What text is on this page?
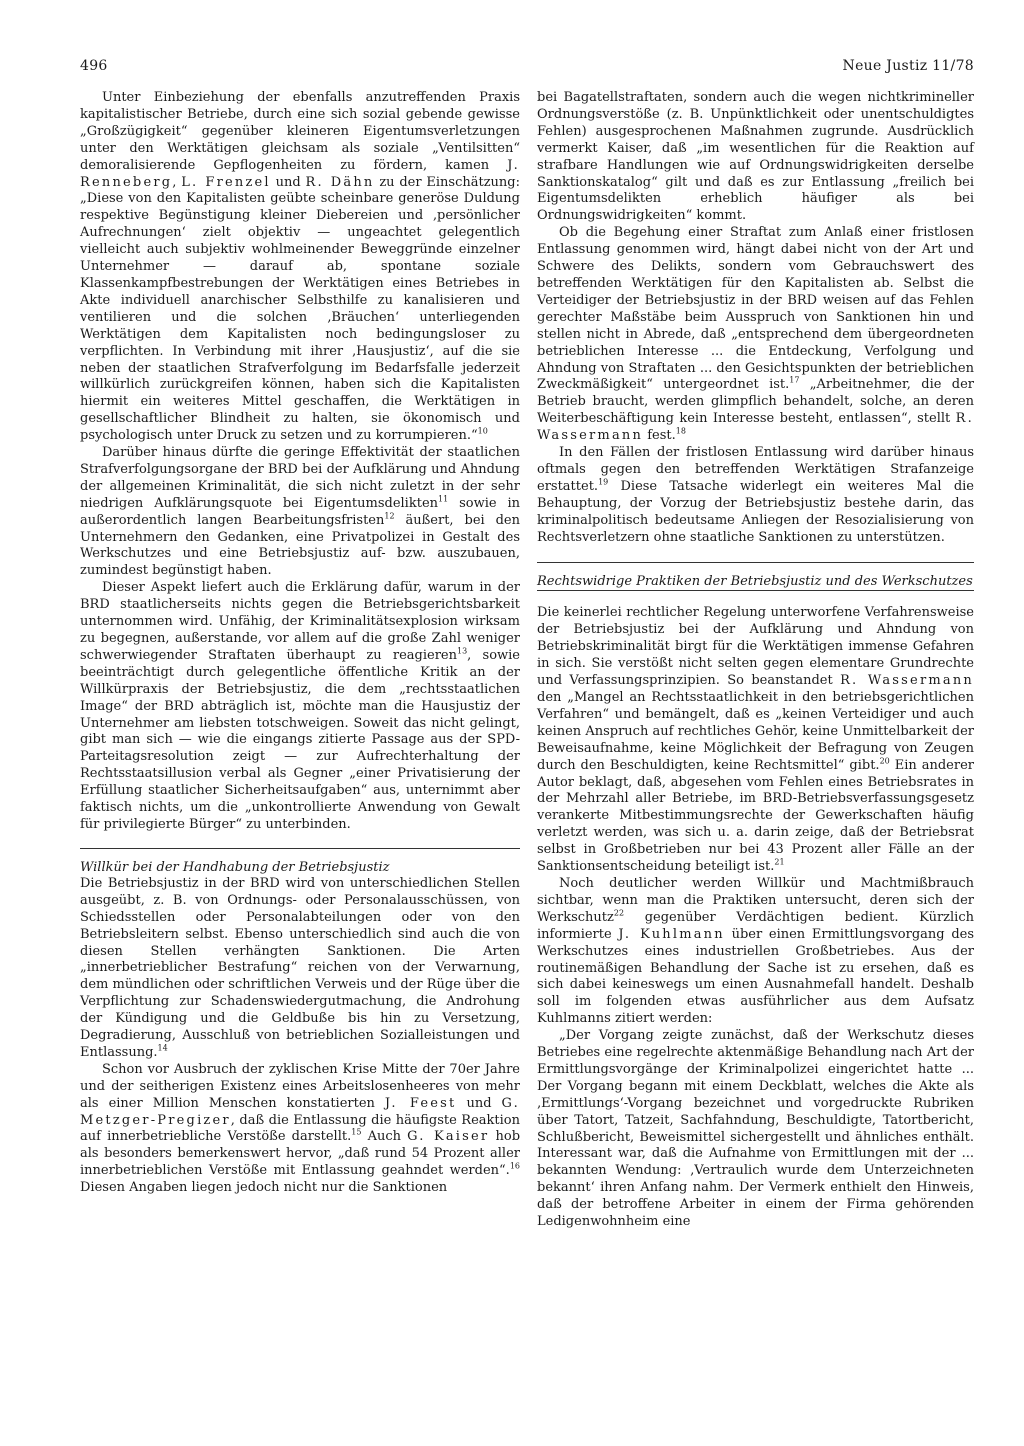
496	Neue Justiz 11/78

Unter Einbeziehung der ebenfalls anzutreffenden Praxis kapitalistischer Betriebe, durch eine sich sozial gebende gewisse „Großzügigkeit“ gegenüber kleineren Eigentumsverletzungen unter den Werktätigen gleichsam als soziale „Ventilsitten“ demoralisierende Gepflogenheiten zu fördern, kamen J. Renneberg, L. Frenzel und R. Dähn zu der Einschätzung: „Diese von den Kapitalisten geübte scheinbare generöse Duldung respektive Begünstigung kleiner Diebereien und ‚persönlicher Aufrechnungen‘ zielt objektiv — ungeachtet gelegentlich vielleicht auch subjektiv wohlmeinender Beweggründe einzelner Unternehmer — darauf ab, spontane soziale Klassenkampfbestrebungen der Werktätigen eines Betriebes in Akte individuell anarchischer Selbsthilfe zu kanalisieren und ventilieren und die solchen ‚Bräuchen‘ unterliegenden Werktätigen dem Kapitalisten noch bedingungsloser zu verpflichten. In Verbindung mit ihrer ‚Hausjustiz‘, auf die sie neben der staatlichen Strafverfolgung im Bedarfsfalle jederzeit willkürlich zurückgreifen können, haben sich die Kapitalisten hiermit ein weiteres Mittel geschaffen, die Werktätigen in gesellschaftlicher Blindheit zu halten, sie ökonomisch und psychologisch unter Druck zu setzen und zu korrumpieren.“$^{10}$

Darüber hinaus dürfte die geringe Effektivität der staatlichen Strafverfolgungsorgane der BRD bei der Aufklärung und Ahndung der allgemeinen Kriminalität, die sich nicht zuletzt in der sehr niedrigen Aufklärungsquote bei Eigentumsdelikten$^{11}$ sowie in außerordentlich langen Bearbeitungsfristen$^{12}$ äußert, bei den Unternehmern den Gedanken, eine Privatpolizei in Gestalt des Werkschutzes und eine Betriebsjustiz auf- bzw. auszubauen, zumindest begünstigt haben.

Dieser Aspekt liefert auch die Erklärung dafür, warum in der BRD staatlicherseits nichts gegen die Betriebsgerichtsbarkeit unternommen wird. Unfähig, der Kriminalitätsexplosion wirksam zu begegnen, außerstande, vor allem auf die große Zahl weniger schwerwiegender Straftaten überhaupt zu reagieren$^{13}$, sowie beeinträchtigt durch gelegentliche öffentliche Kritik an der Willkürpraxis der Betriebsjustiz, die dem „rechtsstaatlichen Image“ der BRD abträglich ist, möchte man die Hausjustiz der Unternehmer am liebsten totschweigen. Soweit das nicht gelingt, gibt man sich — wie die eingangs zitierte Passage aus der SPD-Parteitagsresolution zeigt — zur Aufrechterhaltung der Rechtsstaatsillusion verbal als Gegner „einer Privatisierung der Erfüllung staatlicher Sicherheitsaufgaben“ aus, unternimmt aber faktisch nichts, um die „unkontrollierte Anwendung von Gewalt für privilegierte Bürger“ zu unterbinden.

Willkür bei der Handhabung der Betriebsjustiz

Die Betriebsjustiz in der BRD wird von unterschiedlichen Stellen ausgeübt, z. B. von Ordnungs- oder Personalausschüssen, von Schiedsstellen oder Personalabteilungen oder von den Betriebsleitern selbst. Ebenso unterschiedlich sind auch die von diesen Stellen verhängten Sanktionen. Die Arten „innerbetrieblicher Bestrafung“ reichen von der Verwarnung, dem mündlichen oder schriftlichen Verweis und der Rüge über die Verpflichtung zur Schadenswiedergutmachung, die Androhung der Kündigung und die Geldbuße bis hin zu Versetzung, Degradierung, Ausschluß von betrieblichen Sozialleistungen und Entlassung.$^{14}$

Schon vor Ausbruch der zyklischen Krise Mitte der 70er Jahre und der seitherigen Existenz eines Arbeitslosenheeres von mehr als einer Million Menschen konstatierten J. Feest und G. Metzger-Pregizer, daß die Entlassung die häufigste Reaktion auf innerbetriebliche Verstöße darstellt.$^{15}$ Auch G. Kaiser hob als besonders bemerkenswert hervor, „daß rund 54 Prozent aller innerbetrieblichen Verstöße mit Entlassung geahndet werden“.$^{16}$ Diesen Angaben liegen jedoch nicht nur die Sanktionen

bei Bagatellstraftaten, sondern auch die wegen nichtkrimineller Ordnungsverstöße (z. B. Unpünktlichkeit oder unentschuldigtes Fehlen) ausgesprochenen Maßnahmen zugrunde. Ausdrücklich vermerkt Kaiser, daß „im wesentlichen für die Reaktion auf strafbare Handlungen wie auf Ordnungswidrigkeiten derselbe Sanktionskatalog“ gilt und daß es zur Entlassung „freilich bei Eigentumsdelikten erheblich häufiger als bei Ordnungswidrigkeiten“ kommt.

Ob die Begehung einer Straftat zum Anlaß einer fristlosen Entlassung genommen wird, hängt dabei nicht von der Art und Schwere des Delikts, sondern vom Gebrauchswert des betreffenden Werktätigen für den Kapitalisten ab. Selbst die Verteidiger der Betriebsjustiz in der BRD weisen auf das Fehlen gerechter Maßstäbe beim Ausspruch von Sanktionen hin und stellen nicht in Abrede, daß „entsprechend dem übergeordneten betrieblichen Interesse ... die Entdeckung, Verfolgung und Ahndung von Straftaten ... den Gesichtspunkten der betrieblichen Zweckmäßigkeit“ untergeordnet ist.$^{17}$ „Arbeitnehmer, die der Betrieb braucht, werden glimpflich behandelt, solche, an deren Weiterbeschäftigung kein Interesse besteht, entlassen“, stellt R. Wassermann fest.$^{18}$

In den Fällen der fristlosen Entlassung wird darüber hinaus oftmals gegen den betreffenden Werktätigen Strafanzeige erstattet.$^{19}$ Diese Tatsache widerlegt ein weiteres Mal die Behauptung, der Vorzug der Betriebsjustiz bestehe darin, das kriminalpolitisch bedeutsame Anliegen der Resozialisierung von Rechtsverletzern ohne staatliche Sanktionen zu unterstützen.

Rechtswidrige Praktiken der Betriebsjustiz und des Werkschutzes

Die keinerlei rechtlicher Regelung unterworfene Verfahrensweise der Betriebsjustiz bei der Aufklärung und Ahndung von Betriebskriminalität birgt für die Werktätigen immense Gefahren in sich. Sie verstößt nicht selten gegen elementare Grundrechte und Verfassungsprinzipien. So beanstandet R. Wassermann den „Mangel an Rechtsstaatlichkeit in den betriebsgerichtlichen Verfahren“ und bemängelt, daß es „keinen Verteidiger und auch keinen Anspruch auf rechtliches Gehör, keine Unmittelbarkeit der Beweisaufnahme, keine Möglichkeit der Befragung von Zeugen durch den Beschuldigten, keine Rechtsmittel“ gibt.$^{20}$ Ein anderer Autor beklagt, daß, abgesehen vom Fehlen eines Betriebsrates in der Mehrzahl aller Betriebe, im BRD-Betriebsverfassungsgesetz verankerte Mitbestimmungsrechte der Gewerkschaften häufig verletzt werden, was sich u. a. darin zeige, daß der Betriebsrat selbst in Großbetrieben nur bei 43 Prozent aller Fälle an der Sanktionsentscheidung beteiligt ist.$^{21}$

Noch deutlicher werden Willkür und Machtmißbrauch sichtbar, wenn man die Praktiken untersucht, deren sich der Werkschutz$^{22}$ gegenüber Verdächtigen bedient. Kürzlich informierte J. Kuhlmann über einen Ermittlungsvorgang des Werkschutzes eines industriellen Großbetriebes. Aus der routinemäßigen Behandlung der Sache ist zu ersehen, daß es sich dabei keineswegs um einen Ausnahmefall handelt. Deshalb soll im folgenden etwas ausführlicher aus dem Aufsatz Kuhlmanns zitiert werden:

„Der Vorgang zeigte zunächst, daß der Werkschutz dieses Betriebes eine regelrechte aktenmäßige Behandlung nach Art der Ermittlungsvorgänge der Kriminalpolizei eingerichtet hatte ... Der Vorgang begann mit einem Deckblatt, welches die Akte als ‚Ermittlungs‘-Vorgang bezeichnet und vorgedruckte Rubriken über Tatort, Tatzeit, Sachfahndung, Beschuldigte, Tatortbericht, Schlußbericht, Beweismittel sichergestellt und ähnliches enthält. Interessant war, daß die Aufnahme von Ermittlungen mit der ... bekannten Wendung: ‚Vertraulich wurde dem Unterzeichneten bekannt‘ ihren Anfang nahm. Der Vermerk enthielt den Hinweis, daß der betroffene Arbeiter in einem der Firma gehörenden Ledigenwohnheim eine
